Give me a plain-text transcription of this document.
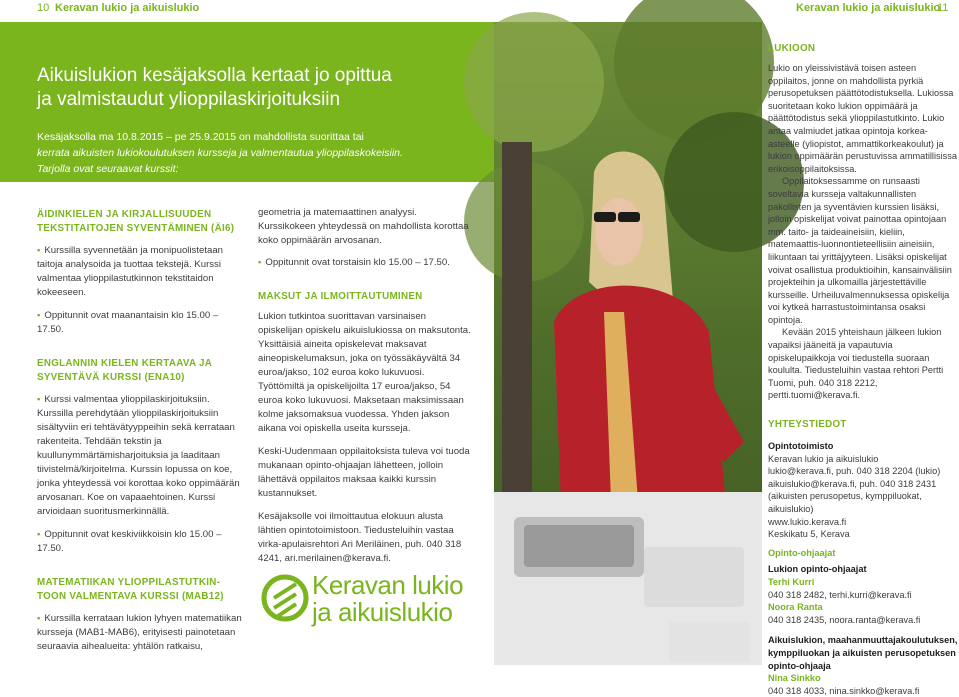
10 Keravan lukio ja aikuislukio	Keravan lukio ja aikuislukio
11
Aikuislukion kesäjaksolla kertaat jo opittua
ja valmistaudut ylioppilaskirjoituksiin
Kesäjaksolla ma 10.8.2015 – pe 25.9.2015 on mahdollista suorittaa tai
kerrata aikuisten lukiokoulutuksen kursseja ja valmentautua ylioppilaskokeisiin.
Tarjolla ovat seuraavat kurssit:
ÄIDINKIELEN JA KIRJALLISUUDEN
TEKSTITAITOJEN SYVENTÄMINEN (ÄI6)
• Kurssilla syvennetään ja monipuolistetaan taitoja analysoida ja tuottaa tekstejä. Kurssi valmentaa ylioppilastutkinnon tekstitaidon kokeeseen.
• Oppitunnit ovat maanantaisin klo 15.00 – 17.50.
ENGLANNIN KIELEN KERTAAVA JA
SYVENTÄVÄ KURSSI (ENA10)
• Kurssi valmentaa ylioppilaskirjoituksiin.
Kurssilla perehdytään ylioppilaskirjoituksiin sisältyviin eri tehtävätyyppeihin sekä kerrataan rakenteita. Tehdään tekstin ja kuullunymmärtämisharjoituksia ja laaditaan tiivistelmä/kirjoitelma. Kurssin lopussa on koe, jonka yhteydessä voi korottaa koko oppimäärän arvosanan. Koe on vapaaehtoinen. Kurssi arvioidaan suoritusmerkinnällä.
• Oppitunnit ovat keskiviikkoisin klo 15.00 – 17.50.
MATEMATIIKAN YLIOPPILASTUTKIN-
TOON VALMENTAVA KURSSI (MAB12)
• Kurssilla kerrataan lukion lyhyen matematiikan kursseja (MAB1-MAB6), erityisesti painotetaan seuraavia aihealueita: yhtälön ratkaisu,
geometria ja matemaattinen analyysi. Kurssikokeen yhteydessä on mahdollista korottaa koko oppimäärän arvosanan.
• Oppitunnit ovat torstaisin klo 15.00 – 17.50.
MAKSUT JA ILMOITTAUTUMINEN
Lukion tutkintoa suorittavan varsinaisen opiskelijan opiskelu aikuislukiossa on maksutonta. Yksittäisiä aineita opiskelevat maksavat aineopiskelumaksun, joka on työssäkäyvältä 34 euroa/jakso, 102 euroa koko lukuvuosi. Työttömiltä ja opiskelijoilta 17 euroa/jakso, 54 euroa koko lukuvuosi. Maksetaan maksimissaan kolme jaksomaksua vuodessa. Yhden jakson aikana voi opiskella useita kursseja.
Keski-Uudenmaan oppilaitoksista tuleva voi tuoda mukanaan opinto-ohjaajan lähetteen, jolloin lähettävä oppilaitos maksaa kaikki kurssin kustannukset.
Kesäjaksolle voi ilmoittautua elokuun alusta lähtien opintotoimistoon. Tiedusteluihin vastaa virka-apulaisrehtori Ari Meriläinen, puh. 040 318 4241, ari.merilainen@kerava.fi.
Keravan lukio
ja aikuislukio
LUKIOON
Lukio on yleissivistävä toisen asteen oppilaitos, jonne on mahdollista pyrkiä perusopetuksen päättötodistuksella. Lukiossa suoritetaan koko lukion oppimäärä ja päättötodistus sekä ylioppilastutkinto. Lukio antaa valmiudet jatkaa opintoja korkea-asteelle (yliopistot, ammattikorkeakoulut) ja lukion oppimäärän perustuvissa ammatillisissa erikoisoppilaitoksissa.
Oppilaitoksessamme on runsaasti soveltavia kursseja valtakunnallisten pakollisten ja syventävien kurssien lisäksi, jolloin opiskelijat voivat painottaa opintojaan mm. taito- ja taideaineisiin, kieliin, matemaattis-luonnontieteellisiin aineisiin, liikuntaan tai yrittäjyyteen. Lisäksi opiskelijat voivat osallistua produktioihin, kansainvälisiin projekteihin ja ulkomailla järjestettäville kursseille. Urheiluvalmennuksessa opiskelija voi kytkeä harrastustoimintansa osaksi opintoja.
Kevään 2015 yhteishaun jälkeen lukion vapaiksi jääneitä ja vapautuvia opiskelupaikkoja voi tiedustella suoraan koululta. Tiedusteluihin vastaa rehtori Pertti Tuomi, puh. 040 318 2212, pertti.tuomi@kerava.fi.
YHTEYSTIEDOT
Opintotoimisto
Keravan lukio ja aikuislukio
lukio@kerava.fi, puh. 040 318 2204 (lukio)
aikuislukio@kerava.fi, puh. 040 318 2431
(aikuisten perusopetus, kymppiluokat, aikuislukio)
www.lukio.kerava.fi
Keskikatu 5, Kerava
Opinto-ohjaajat
Lukion opinto-ohjaajat
Terhi Kurri
040 318 2482, terhi.kurri@kerava.fi
Noora Ranta
040 318 2435, noora.ranta@kerava.fi
Aikuislukion, maahanmuuttajakoulutuksen, kymppiluokan ja aikuisten perusopetuksen opinto-ohjaaja
Nina Sinkko
040 318 4033, nina.sinkko@kerava.fi
